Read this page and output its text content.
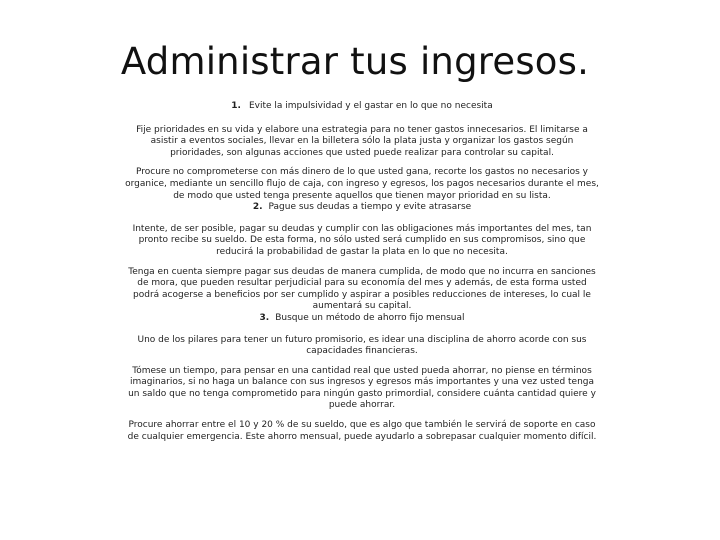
Administrar tus ingresos.

1. Evite la impulsividad y el gastar en lo que no necesita

Fije prioridades en su vida y elabore una estrategia para no tener gastos innecesarios. El limitarse a asistir a eventos sociales, llevar en la billetera sólo la plata justa y organizar los gastos según prioridades, son algunas acciones que usted puede realizar para controlar su capital.

Procure no comprometerse con más dinero de lo que usted gana, recorte los gastos no necesarios y organice, mediante un sencillo flujo de caja, con ingreso y egresos, los pagos necesarios durante el mes, de modo que usted tenga presente aquellos que tienen mayor prioridad en su lista.

2. Pague sus deudas a tiempo y evite atrasarse

Intente, de ser posible, pagar su deudas y cumplir con las obligaciones más importantes del mes, tan pronto recibe su sueldo. De esta forma, no sólo usted será cumplido en sus compromisos, sino que reducirá la probabilidad de gastar la plata en lo que no necesita.

Tenga en cuenta siempre pagar sus deudas de manera cumplida, de modo que no incurra en sanciones de mora, que pueden resultar perjudicial para su economía del mes y además, de esta forma usted podrá acogerse a beneficios por ser cumplido y aspirar a posibles reducciones de intereses, lo cual le aumentará su capital.

3. Busque un método de ahorro fijo mensual

Uno de los pilares para tener un futuro promisorio, es idear una disciplina de ahorro acorde con sus capacidades financieras.

Tómese un tiempo, para pensar en una cantidad real que usted pueda ahorrar, no piense en términos imaginarios, si no haga un balance con sus ingresos y egresos más importantes y una vez usted tenga un saldo que no tenga comprometido para ningún gasto primordial, considere cuánta cantidad quiere y puede ahorrar.

Procure ahorrar entre el 10 y 20 % de su sueldo, que es algo que también le servirá de soporte en caso de cualquier emergencia. Este ahorro mensual, puede ayudarlo a sobrepasar cualquier momento difícil.
